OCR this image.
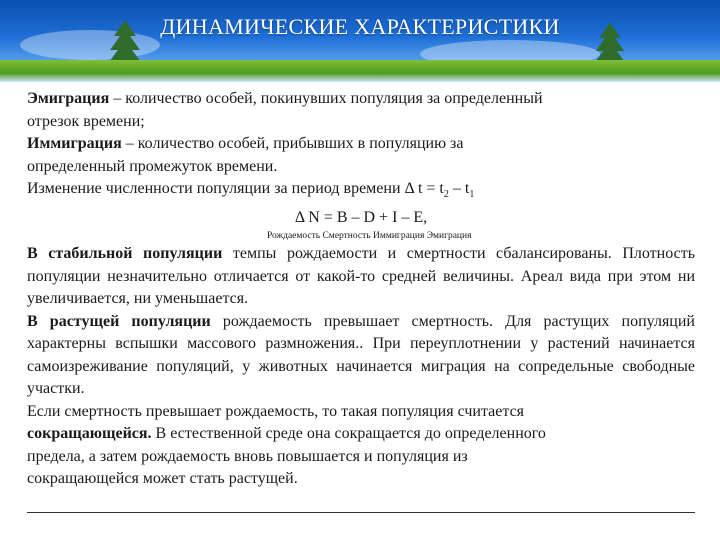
ДИНАМИЧЕСКИЕ ХАРАКТЕРИСТИКИ

Эмиграция – количество особей, покинувших популяция за определенный

отрезок времени;

Иммиграция – количество особей, прибывших в популяцию за

определенный промежуток времени.

Изменение численности популяции за период времени Δ $t = t_2 - t_1$

Δ N = B – D + I – E,

Рождаемость Смертность Иммиграция Эмиграция

В стабильной популяции темпы рождаемости и смертности сбалансированы. Плотность популяции незначительно отличается от какой-то средней величины. Ареал вида при этом ни увеличивается, ни уменьшается.

В растущей популяции рождаемость превышает смертность. Для растущих популяций характерны вспышки массового размножения.. При переуплотнении у растений начинается самоизреживание популяций, у животных начинается миграция на сопредельные свободные участки.

Если смертность превышает рождаемость, то такая популяция считается

сокращающейся. В естественной среде она сокращается до определенного

предела, а затем рождаемость вновь повышается и популяция из

сокращающейся может стать растущей.
